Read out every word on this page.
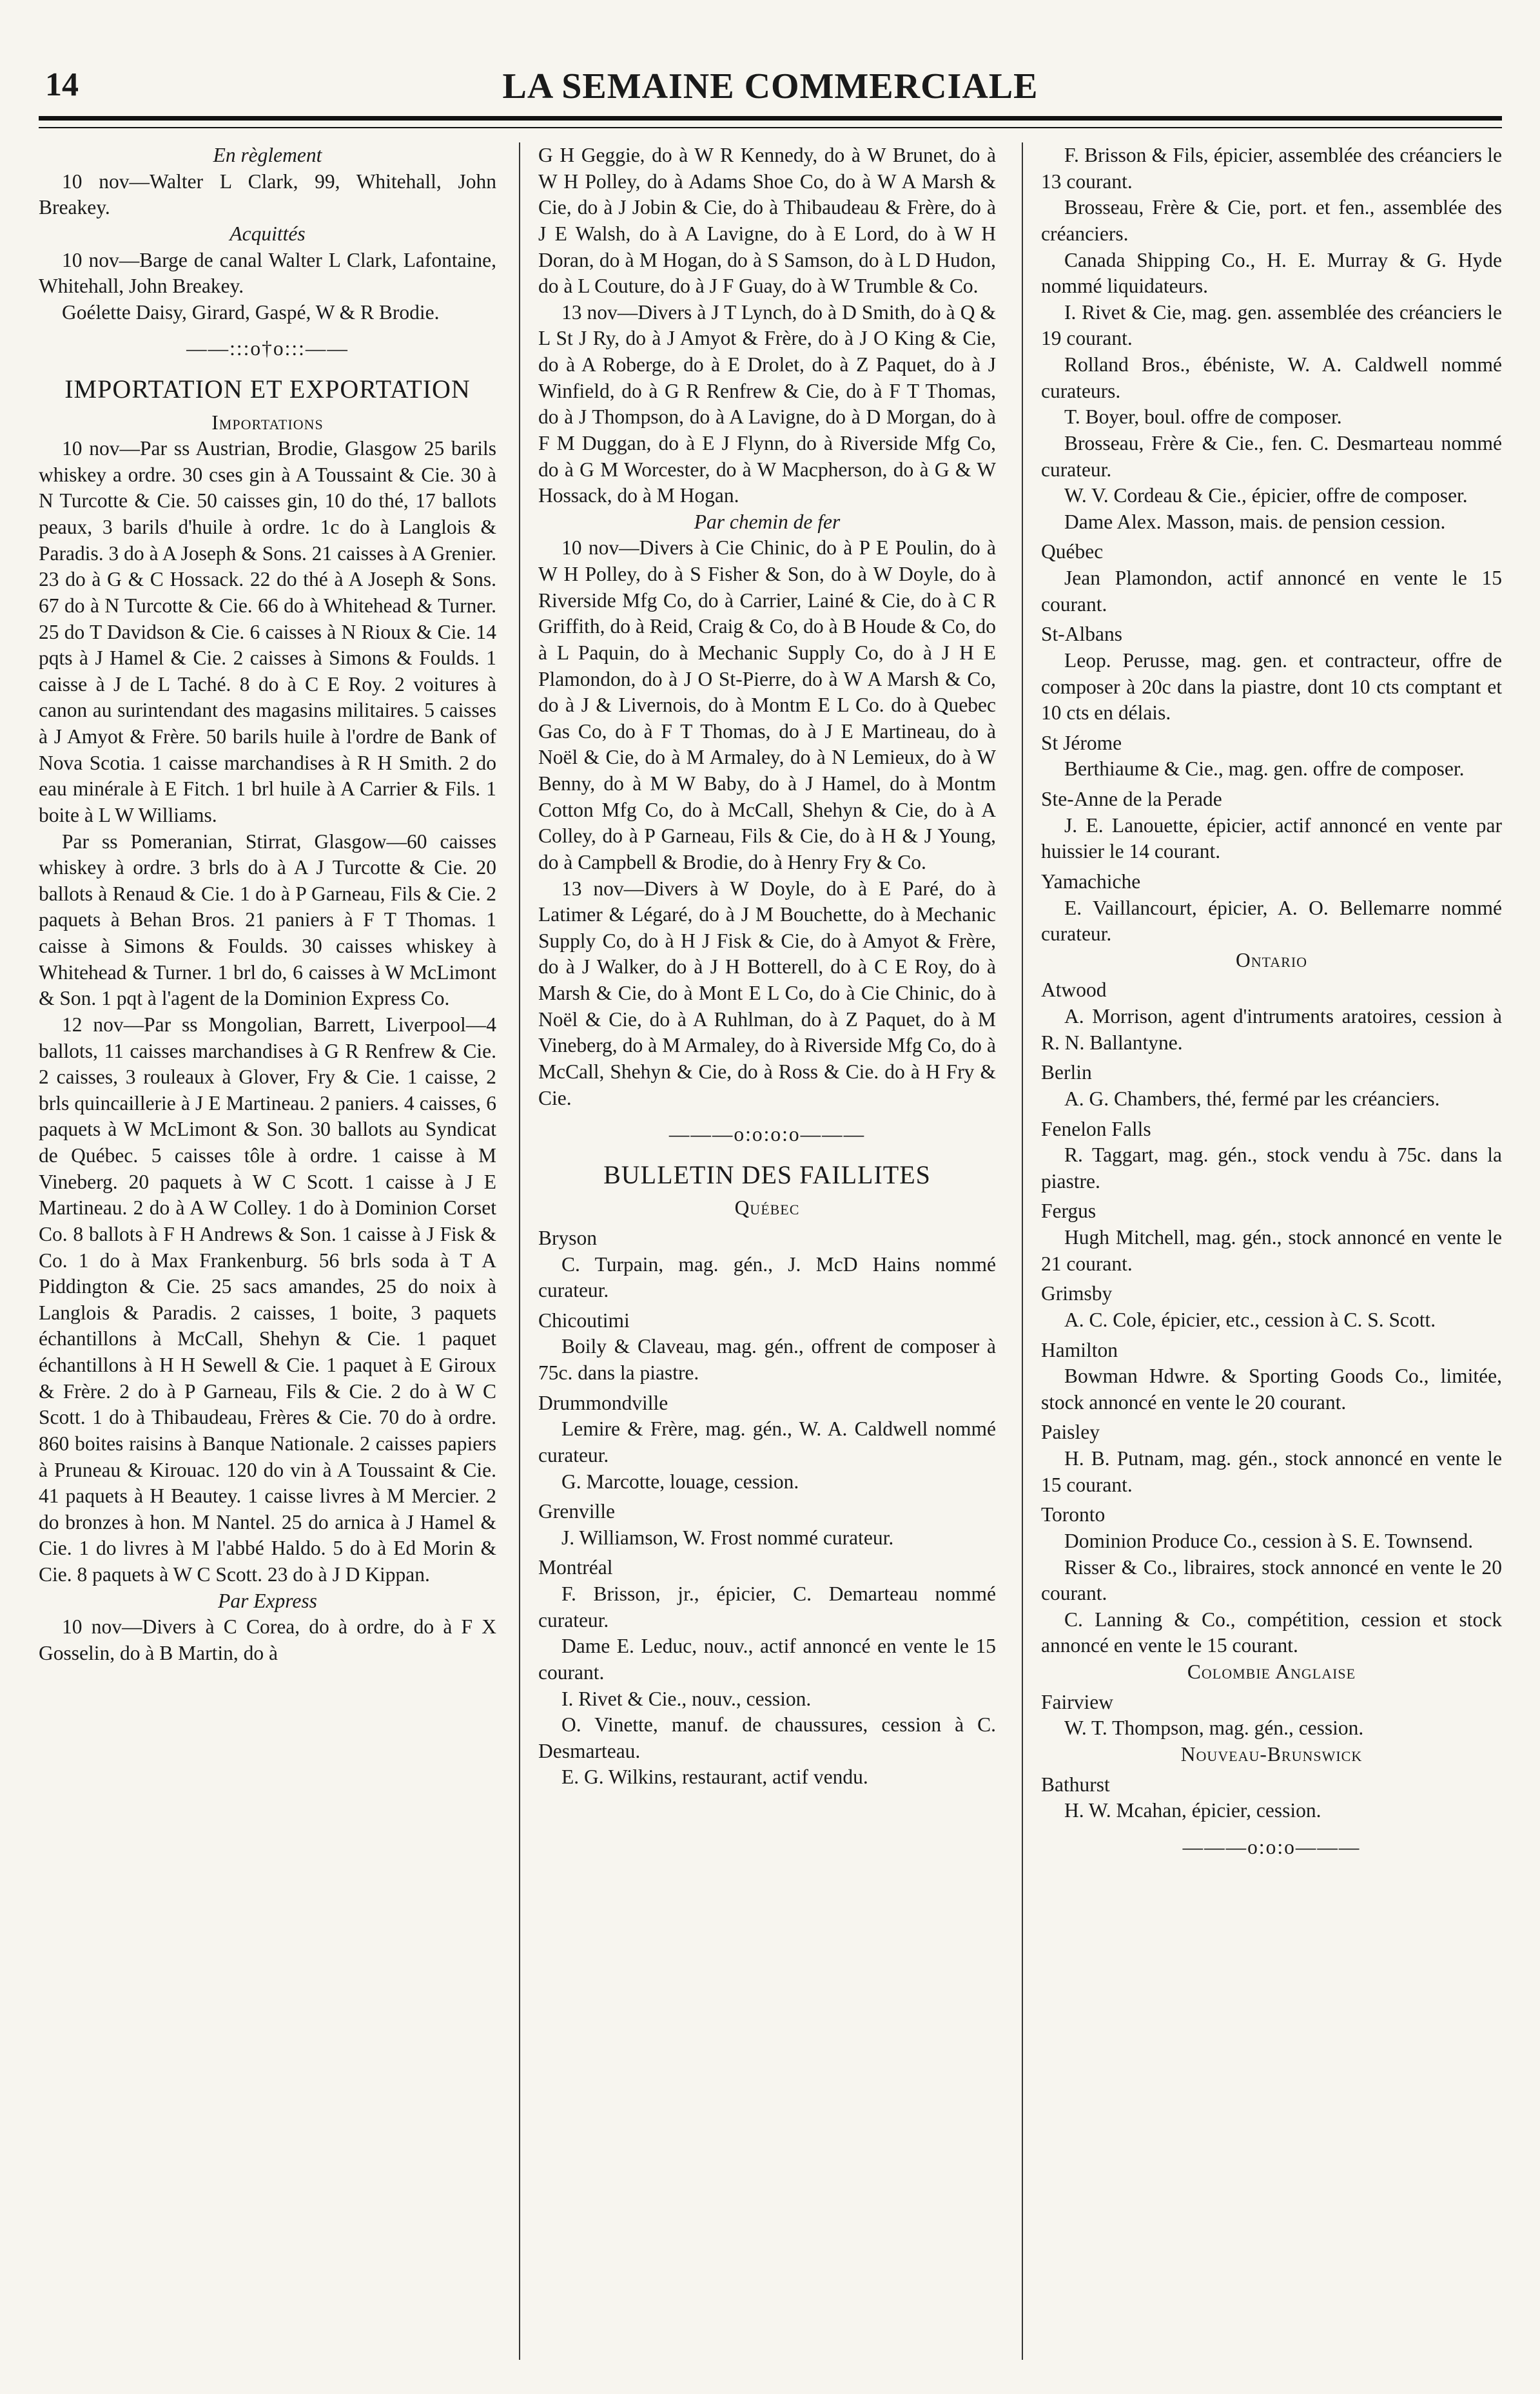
14	LA SEMAINE COMMERCIALE

En règlement

10 nov—Walter L Clark, 99, Whitehall, John Breakey.

Acquittés

10 nov—Barge de canal Walter L Clark, Lafontaine, Whitehall, John Breakey.

Goélette Daisy, Girard, Gaspé, W & R Brodie.

——:::o†o:::——

IMPORTATION ET EXPORTATION

Importations

10 nov—Par ss Austrian, Brodie, Glasgow 25 barils whiskey a ordre. 30 cses gin à A Toussaint & Cie. 30 à N Turcotte & Cie. 50 caisses gin, 10 do thé, 17 ballots peaux, 3 barils d'huile à ordre. 1c do à Langlois & Paradis. 3 do à A Joseph & Sons. 21 caisses à A Grenier. 23 do à G & C Hossack. 22 do thé à A Joseph & Sons. 67 do à N Turcotte & Cie. 66 do à Whitehead & Turner. 25 do T Davidson & Cie. 6 caisses à N Rioux & Cie. 14 pqts à J Hamel & Cie. 2 caisses à Simons & Foulds. 1 caisse à J de L Taché. 8 do à C E Roy. 2 voitures à canon au surintendant des magasins militaires. 5 caisses à J Amyot & Frère. 50 barils huile à l'ordre de Bank of Nova Scotia. 1 caisse marchandises à R H Smith. 2 do eau minérale à E Fitch. 1 brl huile à A Carrier & Fils. 1 boite à L W Williams.

Par ss Pomeranian, Stirrat, Glasgow—60 caisses whiskey à ordre. 3 brls do à A J Turcotte & Cie. 20 ballots à Renaud & Cie. 1 do à P Garneau, Fils & Cie. 2 paquets à Behan Bros. 21 paniers à F T Thomas. 1 caisse à Simons & Foulds. 30 caisses whiskey à Whitehead & Turner. 1 brl do, 6 caisses à W McLimont & Son. 1 pqt à l'agent de la Dominion Express Co.

12 nov—Par ss Mongolian, Barrett, Liverpool—4 ballots, 11 caisses marchandises à G R Renfrew & Cie. 2 caisses, 3 rouleaux à Glover, Fry & Cie. 1 caisse, 2 brls quincaillerie à J E Martineau. 2 paniers. 4 caisses, 6 paquets à W McLimont & Son. 30 ballots au Syndicat de Québec. 5 caisses tôle à ordre. 1 caisse à M Vineberg. 20 paquets à W C Scott. 1 caisse à J E Martineau. 2 do à A W Colley. 1 do à Dominion Corset Co. 8 ballots à F H Andrews & Son. 1 caisse à J Fisk & Co. 1 do à Max Frankenburg. 56 brls soda à T A Piddington & Cie. 25 sacs amandes, 25 do noix à Langlois & Paradis. 2 caisses, 1 boite, 3 paquets échantillons à McCall, Shehyn & Cie. 1 paquet échantillons à H H Sewell & Cie. 1 paquet à E Giroux & Frère. 2 do à P Garneau, Fils & Cie. 2 do à W C Scott. 1 do à Thibaudeau, Frères & Cie. 70 do à ordre. 860 boites raisins à Banque Nationale. 2 caisses papiers à Pruneau & Kirouac. 120 do vin à A Toussaint & Cie. 41 paquets à H Beautey. 1 caisse livres à M Mercier. 2 do bronzes à hon. M Nantel. 25 do arnica à J Hamel & Cie. 1 do livres à M l'abbé Haldo. 5 do à Ed Morin & Cie. 8 paquets à W C Scott. 23 do à J D Kippan.

Par Express

10 nov—Divers à C Corea, do à ordre, do à F X Gosselin, do à B Martin, do à

G H Geggie, do à W R Kennedy, do à W Brunet, do à W H Polley, do à Adams Shoe Co, do à W A Marsh & Cie, do à J Jobin & Cie, do à Thibaudeau & Frère, do à J E Walsh, do à A Lavigne, do à E Lord, do à W H Doran, do à M Hogan, do à S Samson, do à L D Hudon, do à L Couture, do à J F Guay, do à W Trumble & Co.

13 nov—Divers à J T Lynch, do à D Smith, do à Q & L St J Ry, do à J Amyot & Frère, do à J O King & Cie, do à A Roberge, do à E Drolet, do à Z Paquet, do à J Winfield, do à G R Renfrew & Cie, do à F T Thomas, do à J Thompson, do à A Lavigne, do à D Morgan, do à F M Duggan, do à E J Flynn, do à Riverside Mfg Co, do à G M Worcester, do à W Macpherson, do à G & W Hossack, do à M Hogan.

Par chemin de fer

10 nov—Divers à Cie Chinic, do à P E Poulin, do à W H Polley, do à S Fisher & Son, do à W Doyle, do à Riverside Mfg Co, do à Carrier, Lainé & Cie, do à C R Griffith, do à Reid, Craig & Co, do à B Houde & Co, do à L Paquin, do à Mechanic Supply Co, do à J H E Plamondon, do à J O St-Pierre, do à W A Marsh & Co, do à J & Livernois, do à Montm E L Co. do à Quebec Gas Co, do à F T Thomas, do à J E Martineau, do à Noël & Cie, do à M Armaley, do à N Lemieux, do à W Benny, do à M W Baby, do à J Hamel, do à Montm Cotton Mfg Co, do à McCall, Shehyn & Cie, do à A Colley, do à P Garneau, Fils & Cie, do à H & J Young, do à Campbell & Brodie, do à Henry Fry & Co.

13 nov—Divers à W Doyle, do à E Paré, do à Latimer & Légaré, do à J M Bouchette, do à Mechanic Supply Co, do à H J Fisk & Cie, do à Amyot & Frère, do à J Walker, do à J H Botterell, do à C E Roy, do à Marsh & Cie, do à Mont E L Co, do à Cie Chinic, do à Noël & Cie, do à A Ruhlman, do à Z Paquet, do à M Vineberg, do à M Armaley, do à Riverside Mfg Co, do à McCall, Shehyn & Cie, do à Ross & Cie. do à H Fry & Cie.

———o:o:o:o———

BULLETIN DES FAILLITES

Québec

Bryson

C. Turpain, mag. gén., J. McD Hains nommé curateur.

Chicoutimi

Boily & Claveau, mag. gén., offrent de composer à 75c. dans la piastre.

Drummondville

Lemire & Frère, mag. gén., W. A. Caldwell nommé curateur.

G. Marcotte, louage, cession.

Grenville

J. Williamson, W. Frost nommé curateur.

Montréal

F. Brisson, jr., épicier, C. Demarteau nommé curateur.

Dame E. Leduc, nouv., actif annoncé en vente le 15 courant.

I. Rivet & Cie., nouv., cession.

O. Vinette, manuf. de chaussures, cession à C. Desmarteau.

E. G. Wilkins, restaurant, actif vendu.

F. Brisson & Fils, épicier, assemblée des créanciers le 13 courant.

Brosseau, Frère & Cie, port. et fen., assemblée des créanciers.

Canada Shipping Co., H. E. Murray & G. Hyde nommé liquidateurs.

I. Rivet & Cie, mag. gen. assemblée des créanciers le 19 courant.

Rolland Bros., ébéniste, W. A. Caldwell nommé curateurs.

T. Boyer, boul. offre de composer.

Brosseau, Frère & Cie., fen. C. Desmarteau nommé curateur.

W. V. Cordeau & Cie., épicier, offre de composer.

Dame Alex. Masson, mais. de pension cession.

Québec

Jean Plamondon, actif annoncé en vente le 15 courant.

St-Albans

Leop. Perusse, mag. gen. et contracteur, offre de composer à 20c dans la piastre, dont 10 cts comptant et 10 cts en délais.

St Jérome

Berthiaume & Cie., mag. gen. offre de composer.

Ste-Anne de la Perade

J. E. Lanouette, épicier, actif annoncé en vente par huissier le 14 courant.

Yamachiche

E. Vaillancourt, épicier, A. O. Bellemarre nommé curateur.

Ontario

Atwood

A. Morrison, agent d'intruments aratoires, cession à R. N. Ballantyne.

Berlin

A. G. Chambers, thé, fermé par les créanciers.

Fenelon Falls

R. Taggart, mag. gén., stock vendu à 75c. dans la piastre.

Fergus

Hugh Mitchell, mag. gén., stock annoncé en vente le 21 courant.

Grimsby

A. C. Cole, épicier, etc., cession à C. S. Scott.

Hamilton

Bowman Hdwre. & Sporting Goods Co., limitée, stock annoncé en vente le 20 courant.

Paisley

H. B. Putnam, mag. gén., stock annoncé en vente le 15 courant.

Toronto

Dominion Produce Co., cession à S. E. Townsend.

Risser & Co., libraires, stock annoncé en vente le 20 courant.

C. Lanning & Co., compétition, cession et stock annoncé en vente le 15 courant.

Colombie Anglaise

Fairview

W. T. Thompson, mag. gén., cession.

Nouveau-Brunswick

Bathurst

H. W. Mcahan, épicier, cession.

———o:o:o———
